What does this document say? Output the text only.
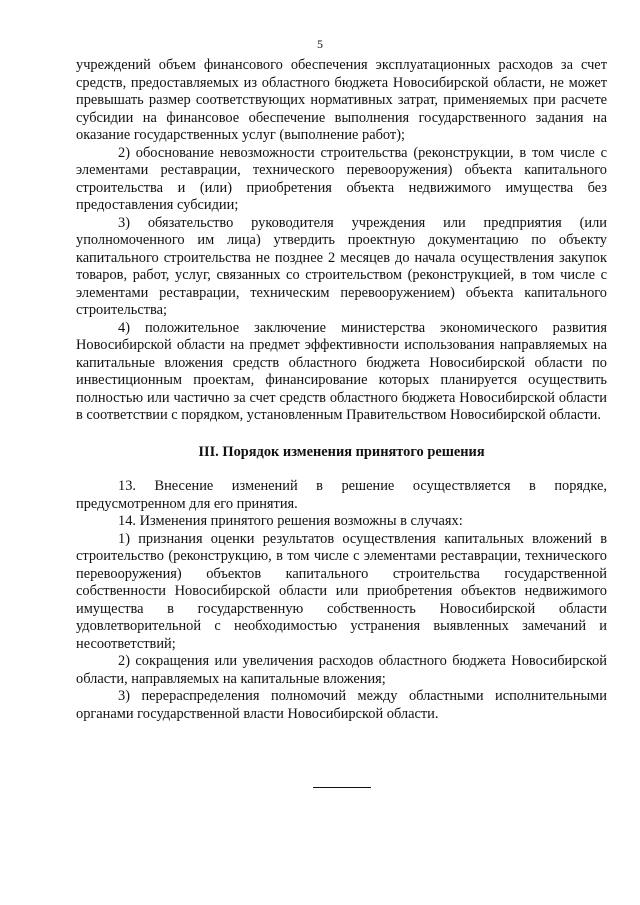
5

учреждений объем финансового обеспечения эксплуатационных расходов за счет средств, предоставляемых из областного бюджета Новосибирской области, не может превышать размер соответствующих нормативных затрат, применяемых при расчете субсидии на финансовое обеспечение выполнения государственного задания на оказание государственных услуг (выполнение работ);

2) обоснование невозможности строительства (реконструкции, в том числе с элементами реставрации, технического перевооружения) объекта капитального строительства и (или) приобретения объекта недвижимого имущества без предоставления субсидии;

3) обязательство руководителя учреждения или предприятия (или уполномоченного им лица) утвердить проектную документацию по объекту капитального строительства не позднее 2 месяцев до начала осуществления закупок товаров, работ, услуг, связанных со строительством (реконструкцией, в том числе с элементами реставрации, техническим перевооружением) объекта капитального строительства;

4) положительное заключение министерства экономического развития Новосибирской области на предмет эффективности использования направляемых на капитальные вложения средств областного бюджета Новосибирской области по инвестиционным проектам, финансирование которых планируется осуществить полностью или частично за счет средств областного бюджета Новосибирской области в соответствии с порядком, установленным Правительством Новосибирской области.

III. Порядок изменения принятого решения

13. Внесение изменений в решение осуществляется в порядке, предусмотренном для его принятия.

14. Изменения принятого решения возможны в случаях:

1) признания оценки результатов осуществления капитальных вложений в строительство (реконструкцию, в том числе с элементами реставрации, технического перевооружения) объектов капитального строительства государственной собственности Новосибирской области или приобретения объектов недвижимого имущества в государственную собственность Новосибирской области удовлетворительной с необходимостью устранения выявленных замечаний и несоответствий;

2) сокращения или увеличения расходов областного бюджета Новосибирской области, направляемых на капитальные вложения;

3) перераспределения полномочий между областными исполнительными органами государственной власти Новосибирской области.
